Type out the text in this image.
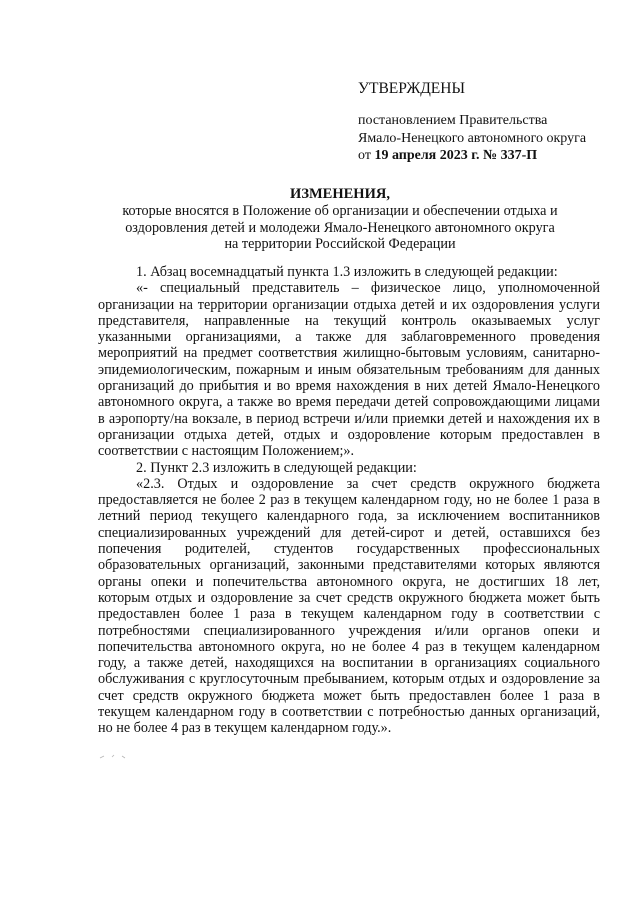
УТВЕРЖДЕНЫ

постановлением Правительства

Ямало-Ненецкого автономного округа

от 19 апреля 2023 г. № 337-П

ИЗМЕНЕНИЯ,

которые вносятся в Положение об организации и обеспечении отдыха и

оздоровления детей и молодежи Ямало-Ненецкого автономного округа

на территории Российской Федерации

1. Абзац восемнадцатый пункта 1.3 изложить в следующей редакции:

«- специальный представитель – физическое лицо, уполномоченной организации на территории организации отдыха детей и их оздоровления услуги представителя, направленные на текущий контроль оказываемых услуг указанными организациями, а также для заблаговременного проведения мероприятий на предмет соответствия жилищно-бытовым условиям, санитарно-эпидемиологическим, пожарным и иным обязательным требованиям для данных организаций до прибытия и во время нахождения в них детей Ямало-Ненецкого автономного округа, а также во время передачи детей сопровождающими лицами в аэропорту/на вокзале, в период встречи и/или приемки детей и нахождения их в организации отдыха детей, отдых и оздоровление которым предоставлен в соответствии с настоящим Положением;».

2. Пункт 2.3 изложить в следующей редакции:

«2.3. Отдых и оздоровление за счет средств окружного бюджета предоставляется не более 2 раз в текущем календарном году, но не более 1 раза в летний период текущего календарного года, за исключением воспитанников специализированных учреждений для детей-сирот и детей, оставшихся без попечения родителей, студентов государственных профессиональных образовательных организаций, законными представителями которых являются органы опеки и попечительства автономного округа, не достигших 18 лет, которым отдых и оздоровление за счет средств окружного бюджета может быть предоставлен более 1 раза в текущем календарном году в соответствии с потребностями специализированного учреждения и/или органов опеки и попечительства автономного округа, но не более 4 раз в текущем календарном году, а также детей, находящихся на воспитании в организациях социального обслуживания с круглосуточным пребыванием, которым отдых и оздоровление за счет средств окружного бюджета может быть предоставлен более 1 раза в текущем календарном году в соответствии с потребностью данных организаций, но не более 4 раз в текущем календарном году.».
